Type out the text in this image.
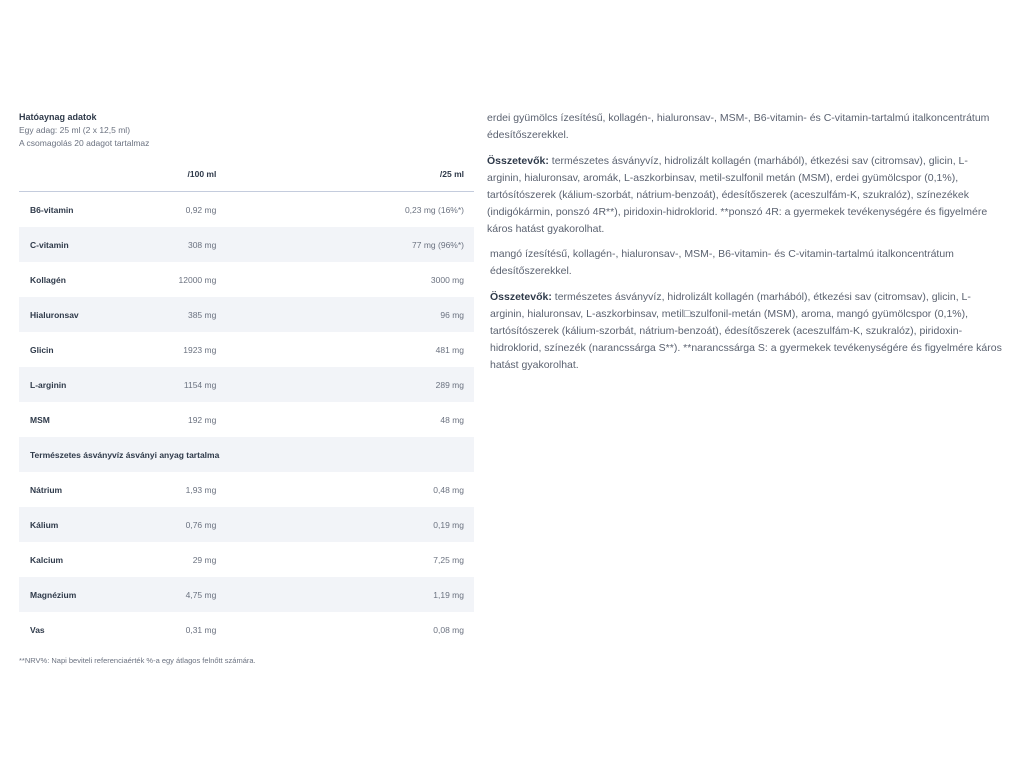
Hatóaynag adatok
Egy adag: 25 ml (2 x 12,5 ml)
A csomagolás 20 adagot tartalmaz
	/100 ml	/25 ml
B6-vitamin	0,92 mg	0,23 mg (16%*)
C-vitamin	308 mg	77 mg (96%*)
Kollagén	12000 mg	3000 mg
Hialuronsav	385 mg	96 mg
Glicin	1923 mg	481 mg
L-arginin	1154 mg	289 mg
MSM	192 mg	48 mg
Természetes ásványvíz ásványi anyag tartalma		
Nátrium	1,93 mg	0,48 mg
Kálium	0,76 mg	0,19 mg
Kalcium	29 mg	7,25 mg
Magnézium	4,75 mg	1,19 mg
Vas	0,31 mg	0,08 mg
**NRV%: Napi beviteli referenciaérték %-a egy átlagos felnőtt számára.

erdei gyümölcs ízesítésű, kollagén-, hialuronsav-, MSM-, B6-vitamin- és C-vitamin-tartalmú italkoncentrátum édesítőszerekkel.

Összetevők: természetes ásványvíz, hidrolizált kollagén (marhából), étkezési sav (citromsav), glicin, L-arginin, hialuronsav, aromák, L-aszkorbinsav, metil-szulfonil metán (MSM), erdei gyümölcspor (0,1%), tartósítószerek (kálium-szorbát, nátrium-benzoát), édesítőszerek (aceszulfám-K, szukralóz), színezékek (indigókármin, ponszó 4R**), piridoxin-hidroklorid. **ponszó 4R: a gyermekek tevékenységére és figyelmére káros hatást gyakorolhat.

mangó ízesítésű, kollagén-, hialuronsav-, MSM-, B6-vitamin- és C-vitamin-tartalmú italkoncentrátum édesítőszerekkel.

Összetevők: természetes ásványvíz, hidrolizált kollagén (marhából), étkezési sav (citromsav), glicin, L-arginin, hialuronsav, L-aszkorbinsav, metil□szulfonil-metán (MSM), aroma, mangó gyümölcspor (0,1%), tartósítószerek (kálium-szorbát, nátrium-benzoát), édesítőszerek (aceszulfám-K, szukralóz), piridoxin-hidroklorid, színezék (narancssárga S**). **narancssárga S: a gyermekek tevékenységére és figyelmére káros hatást gyakorolhat.
